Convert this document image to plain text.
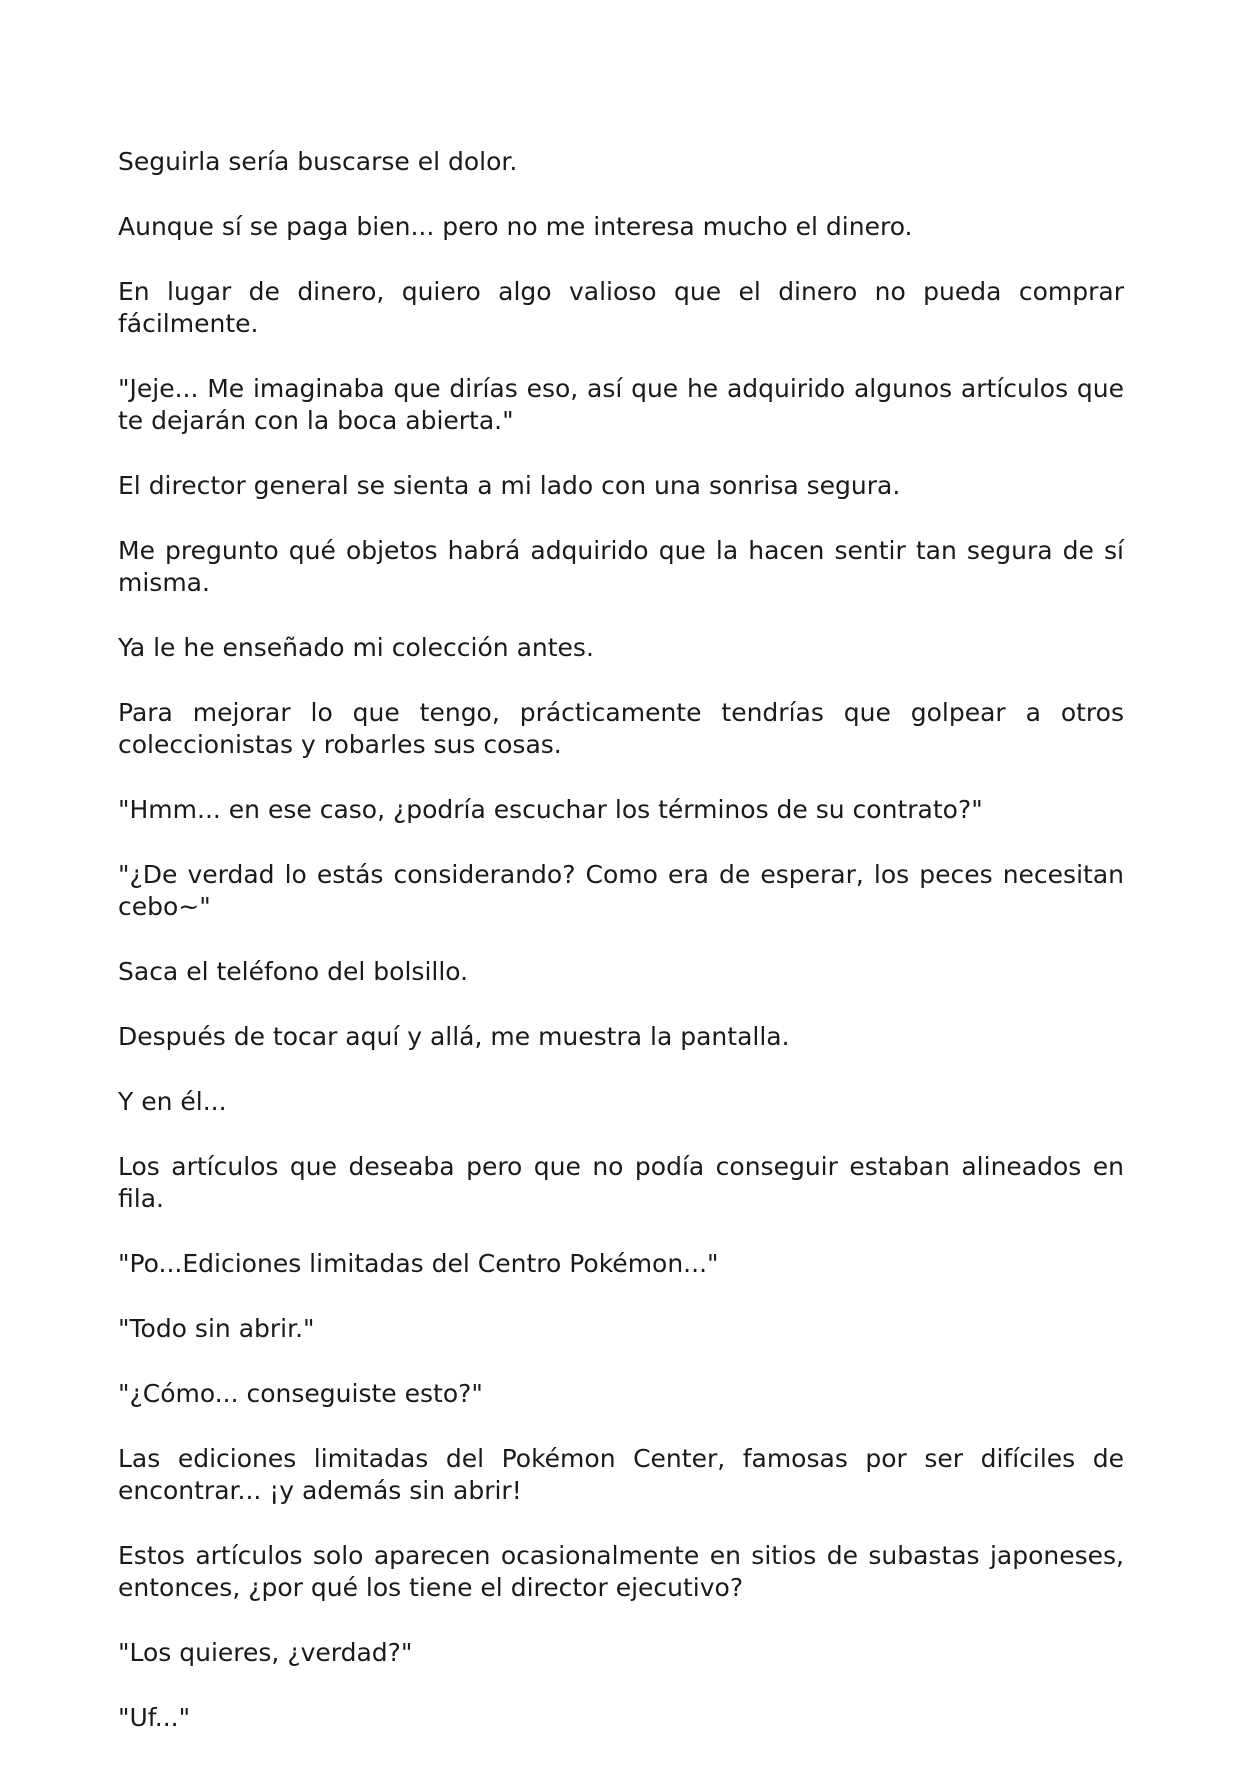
Seguirla sería buscarse el dolor.

Aunque sí se paga bien... pero no me interesa mucho el dinero.

En lugar de dinero, quiero algo valioso que el dinero no pueda comprar fácilmente.

"Jeje... Me imaginaba que dirías eso, así que he adquirido algunos artículos que te dejarán con la boca abierta."

El director general se sienta a mi lado con una sonrisa segura.

Me pregunto qué objetos habrá adquirido que la hacen sentir tan segura de sí misma.

Ya le he enseñado mi colección antes.

Para mejorar lo que tengo, prácticamente tendrías que golpear a otros coleccionistas y robarles sus cosas.

"Hmm... en ese caso, ¿podría escuchar los términos de su contrato?"

"¿De verdad lo estás considerando? Como era de esperar, los peces necesitan cebo~"

Saca el teléfono del bolsillo.

Después de tocar aquí y allá, me muestra la pantalla.

Y en él...

Los artículos que deseaba pero que no podía conseguir estaban alineados en fila.

"Po...Ediciones limitadas del Centro Pokémon..."

"Todo sin abrir."

"¿Cómo... conseguiste esto?"

Las ediciones limitadas del Pokémon Center, famosas por ser difíciles de encontrar... ¡y además sin abrir!

Estos artículos solo aparecen ocasionalmente en sitios de subastas japoneses, entonces, ¿por qué los tiene el director ejecutivo?

"Los quieres, ¿verdad?"

"Uf..."
